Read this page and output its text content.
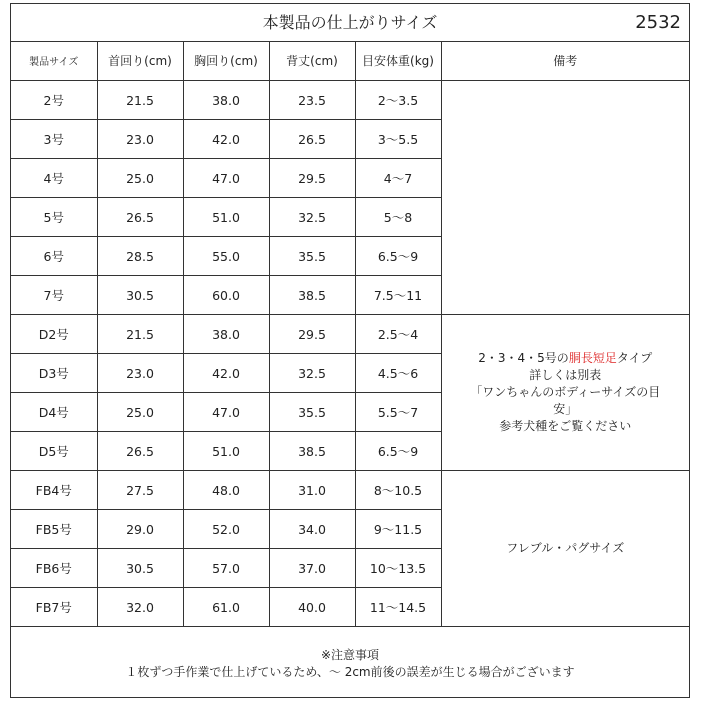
本製品の仕上がりサイズ	2532
製品サイズ	首回り(cm)	胸回り(cm)	背丈(cm)	目安体重(kg)	備考
2号	21.5	38.0	23.5	2～3.5	
3号	23.0	42.0	26.5	3～5.5	
4号	25.0	47.0	29.5	4～7	
5号	26.5	51.0	32.5	5～8	
6号	28.5	55.0	35.5	6.5～9	
7号	30.5	60.0	38.5	7.5～11	
D2号	21.5	38.0	29.5	2.5～4	2・3・4・5号の胴長短足タイプ
詳しくは別表
「ワンちゃんのボディーサイズの目
安」
参考犬種をご覧ください

D3号	23.0	42.0	32.5	4.5～6	
D4号	25.0	47.0	35.5	5.5～7	
D5号	26.5	51.0	38.5	6.5～9	
FB4号	27.5	48.0	31.0	8～10.5	フレブル・パグサイズ
FB5号	29.0	52.0	34.0	9～11.5	
FB6号	30.5	57.0	37.0	10～13.5	
FB7号	32.0	61.0	40.0	11～14.5	
※注意事項
１枚ずつ手作業で仕上げているため、～ 2cm前後の誤差が生じる場合がございます
